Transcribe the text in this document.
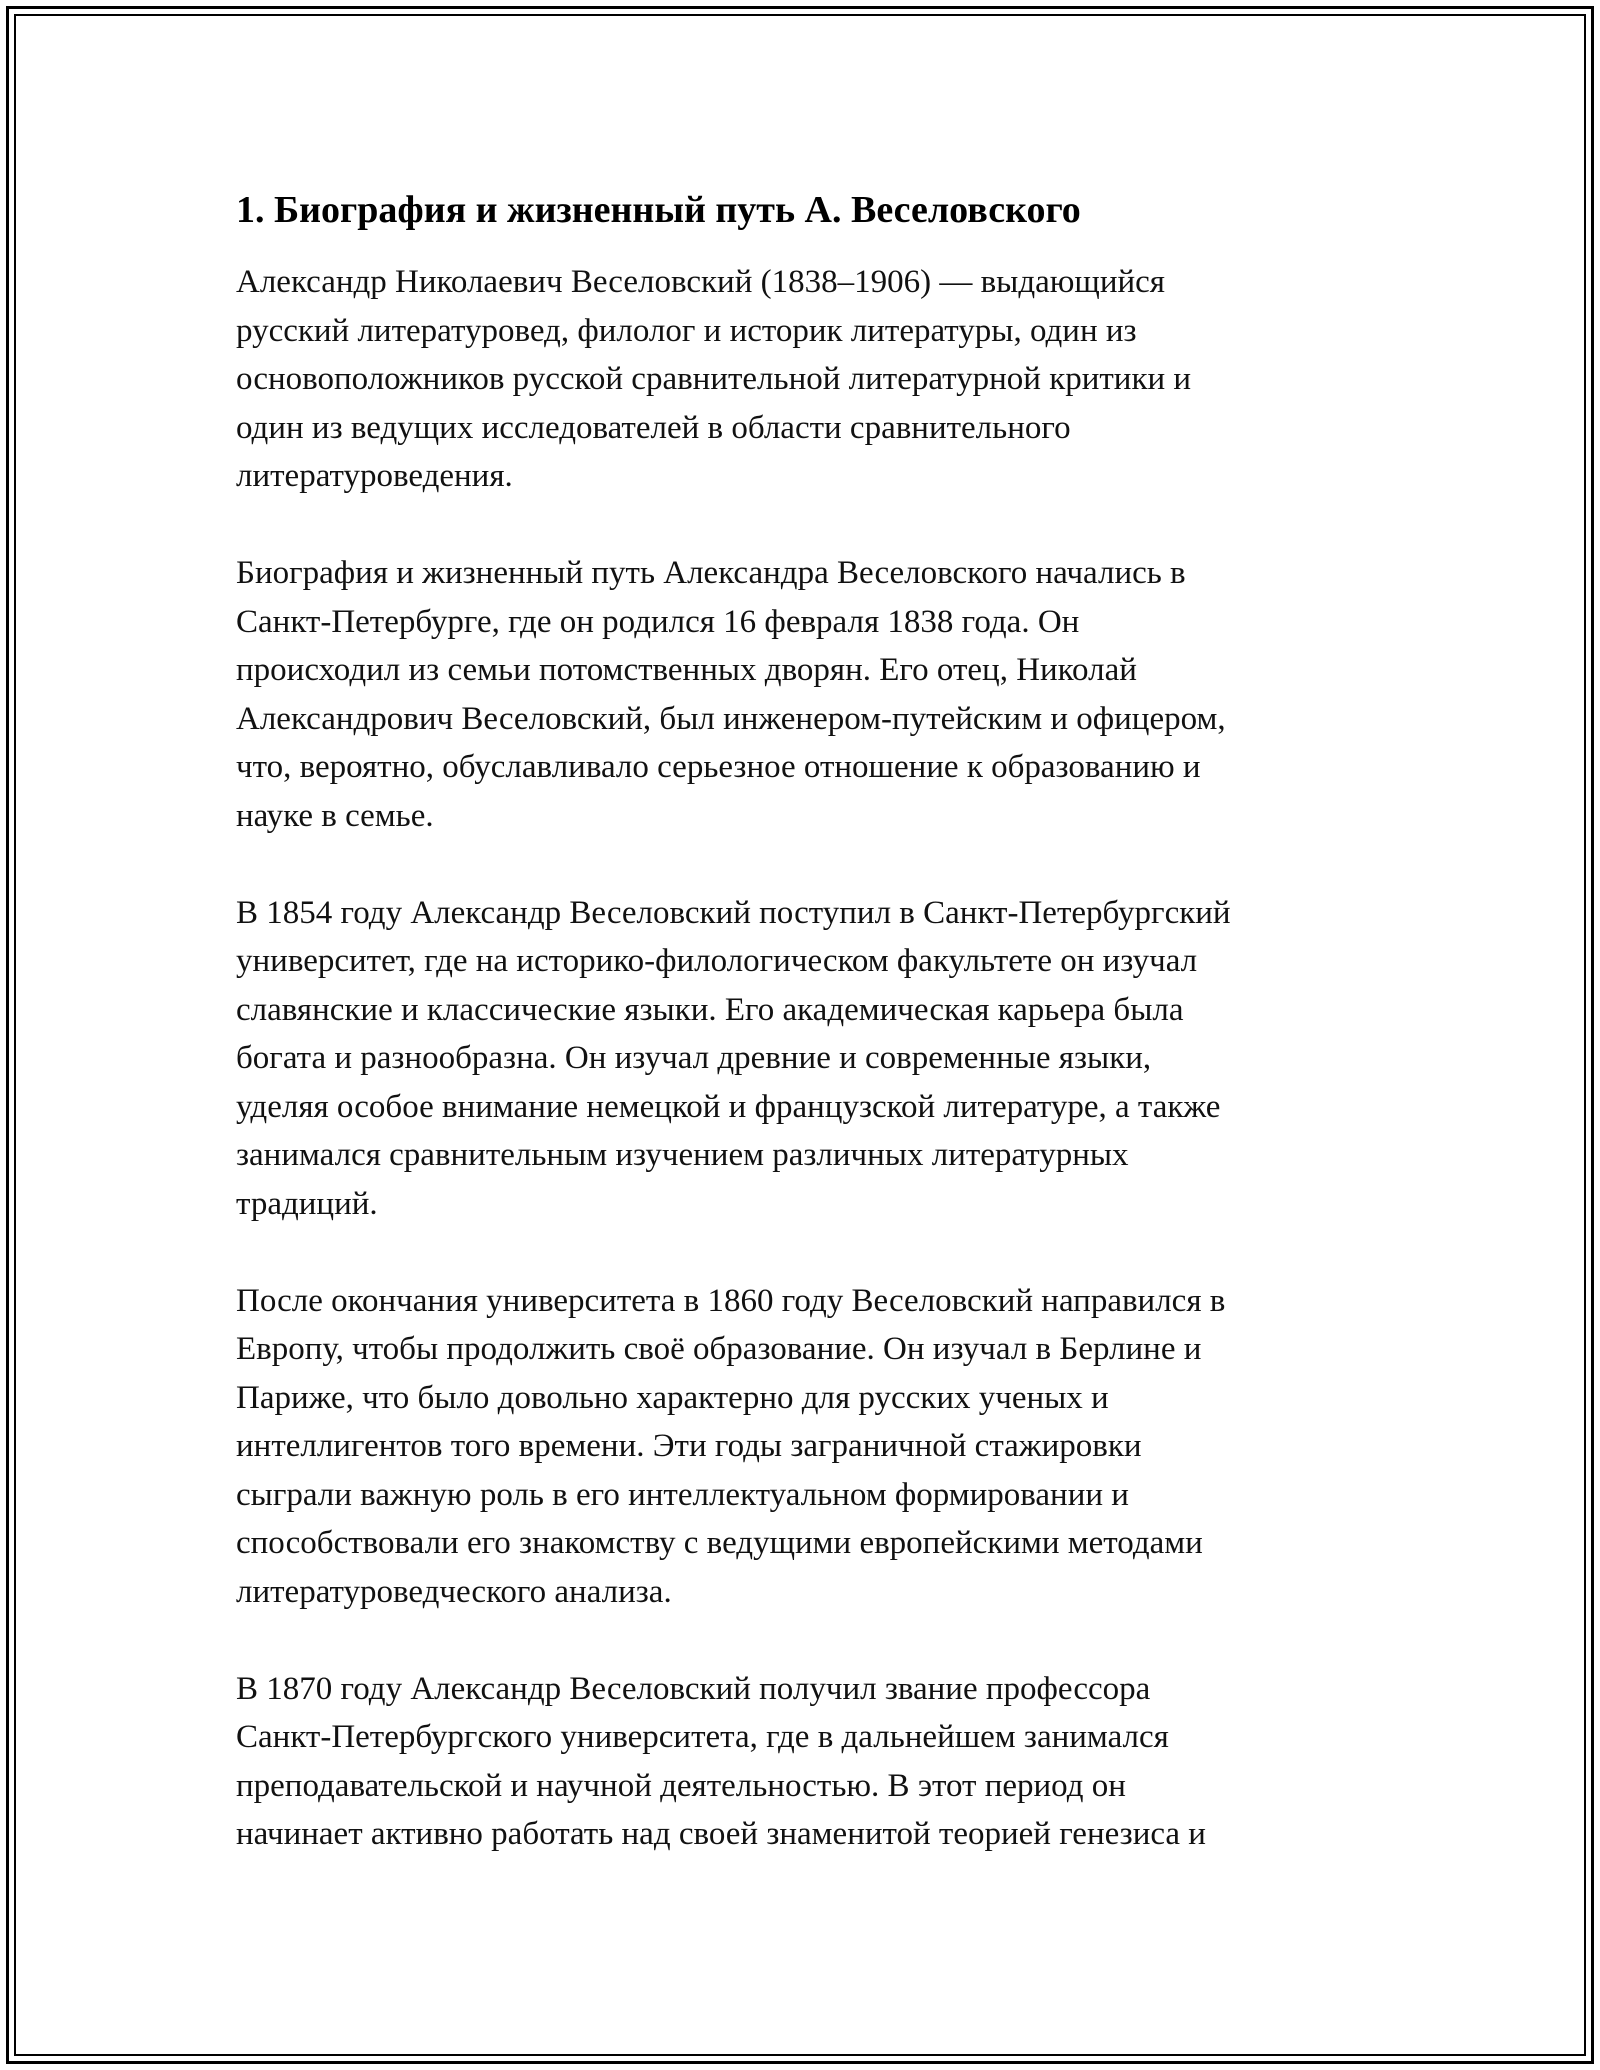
1. Биография и жизненный путь А. Веселовского

Александр Николаевич Веселовский (1838–1906) — выдающийся
русский литературовед, филолог и историк литературы, один из
основоположников русской сравнительной литературной критики и
один из ведущих исследователей в области сравнительного
литературоведения.

Биография и жизненный путь Александра Веселовского начались в
Санкт-Петербурге, где он родился 16 февраля 1838 года. Он
происходил из семьи потомственных дворян. Его отец, Николай
Александрович Веселовский, был инженером-путейским и офицером,
что, вероятно, обуславливало серьезное отношение к образованию и
науке в семье.

В 1854 году Александр Веселовский поступил в Санкт-Петербургский
университет, где на историко-филологическом факультете он изучал
славянские и классические языки. Его академическая карьера была
богата и разнообразна. Он изучал древние и современные языки,
уделяя особое внимание немецкой и французской литературе, а также
занимался сравнительным изучением различных литературных
традиций.

После окончания университета в 1860 году Веселовский направился в
Европу, чтобы продолжить своё образование. Он изучал в Берлине и
Париже, что было довольно характерно для русских ученых и
интеллигентов того времени. Эти годы заграничной стажировки
сыграли важную роль в его интеллектуальном формировании и
способствовали его знакомству с ведущими европейскими методами
литературоведческого анализа.

В 1870 году Александр Веселовский получил звание профессора
Санкт-Петербургского университета, где в дальнейшем занимался
преподавательской и научной деятельностью. В этот период он
начинает активно работать над своей знаменитой теорией генезиса и
